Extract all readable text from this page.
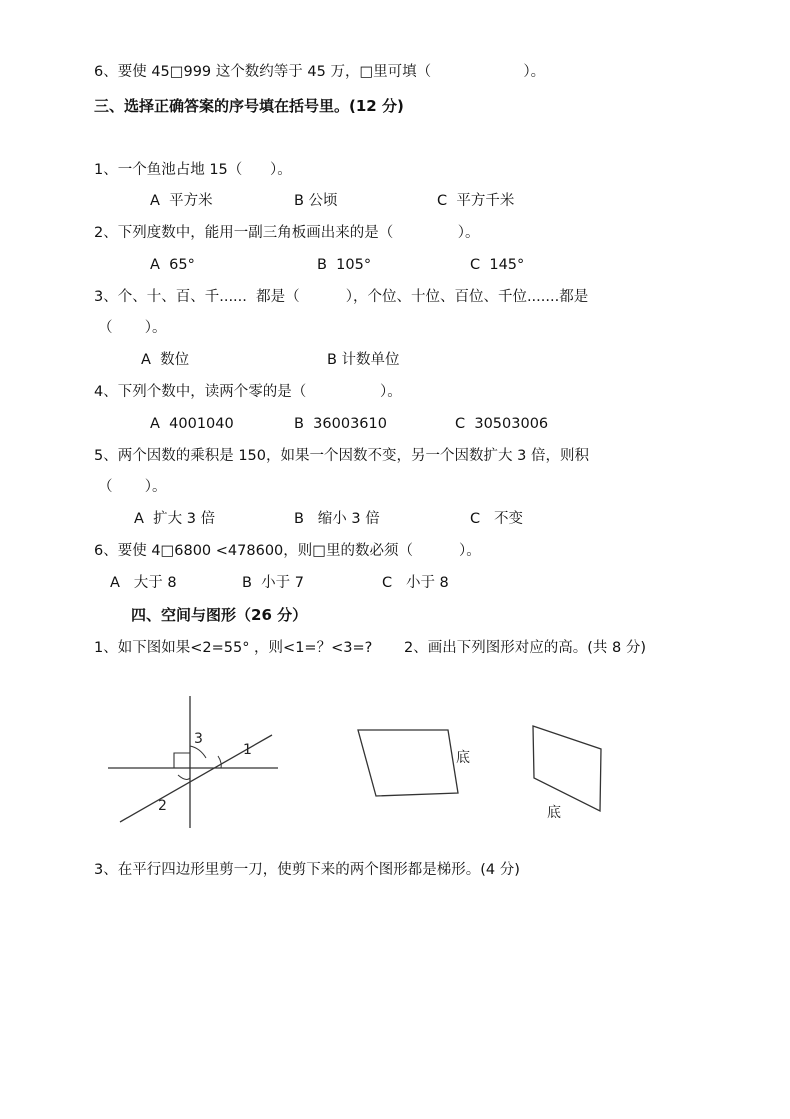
6、要使 45□999 这个数约等于 45 万，□里可填（                    ）。
三、选择正确答案的序号填在括号里。(12 分)
1、一个鱼池占地 15（      ）。
A  平方米	B 公顷	C  平方千米
2、下列度数中，能用一副三角板画出来的是（              ）。
A  65°	B  105°	C  145°
3、个、十、百、千......  都是（          ），个位、十位、百位、千位.......都是
（       ）。
A  数位	B 计数单位
4、下列个数中，读两个零的是（                ）。
A  4001040	B  36003610	C  30503006
5、两个因数的乘积是 150，如果一个因数不变，另一个因数扩大 3 倍，则积
（       ）。
A  扩大 3 倍	B   缩小 3 倍	C   不变
6、要使 4□6800 <478600，则□里的数必须（          ）。
A   大于 8	B  小于 7	C   小于 8
四、空间与图形（26 分）
1、如下图如果<2=55° ，则<1=？<3=? 2、画出下列图形对应的高。(共 8 分)
1
3
2
底
底
3、在平行四边形里剪一刀，使剪下来的两个图形都是梯形。(4 分)
